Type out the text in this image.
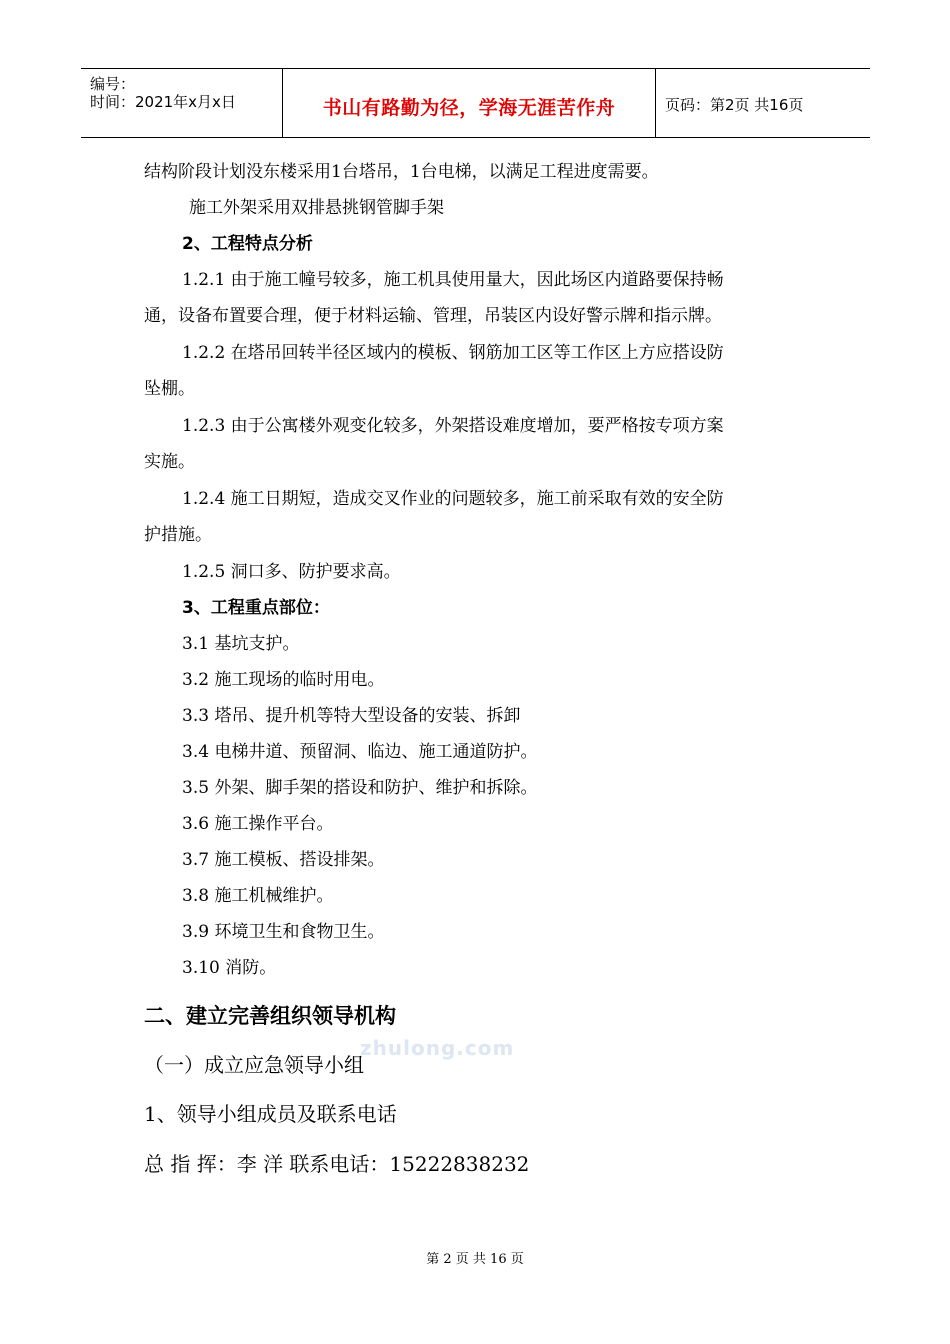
编号：
时间：2021年x月x日	书山有路勤为径，学海无涯苦作舟	页码：第2页 共16页
结构阶段计划没东楼采用1台塔吊，1台电梯，以满足工程进度需要。
施工外架采用双排悬挑钢管脚手架
2、工程特点分析
1.2.1 由于施工幢号较多，施工机具使用量大，因此场区内道路要保持畅
通，设备布置要合理，便于材料运输、管理，吊装区内设好警示牌和指示牌。
1.2.2 在塔吊回转半径区域内的模板、钢筋加工区等工作区上方应搭设防
坠棚。
1.2.3 由于公寓楼外观变化较多，外架搭设难度增加，要严格按专项方案
实施。
1.2.4 施工日期短，造成交叉作业的问题较多，施工前采取有效的安全防
护措施。
1.2.5 洞口多、防护要求高。
3、工程重点部位：
3.1 基坑支护。
3.2 施工现场的临时用电。
3.3 塔吊、提升机等特大型设备的安装、拆卸
3.4 电梯井道、预留洞、临边、施工通道防护。
3.5 外架、脚手架的搭设和防护、维护和拆除。
3.6 施工操作平台。
3.7 施工模板、搭设排架。
3.8 施工机械维护。
3.9 环境卫生和食物卫生。
3.10 消防。
二、建立完善组织领导机构
zhulong.com
（一）成立应急领导小组
1、领导小组成员及联系电话
总 指 挥：李 洋 联系电话：15222838232
第 2 页 共 16 页
